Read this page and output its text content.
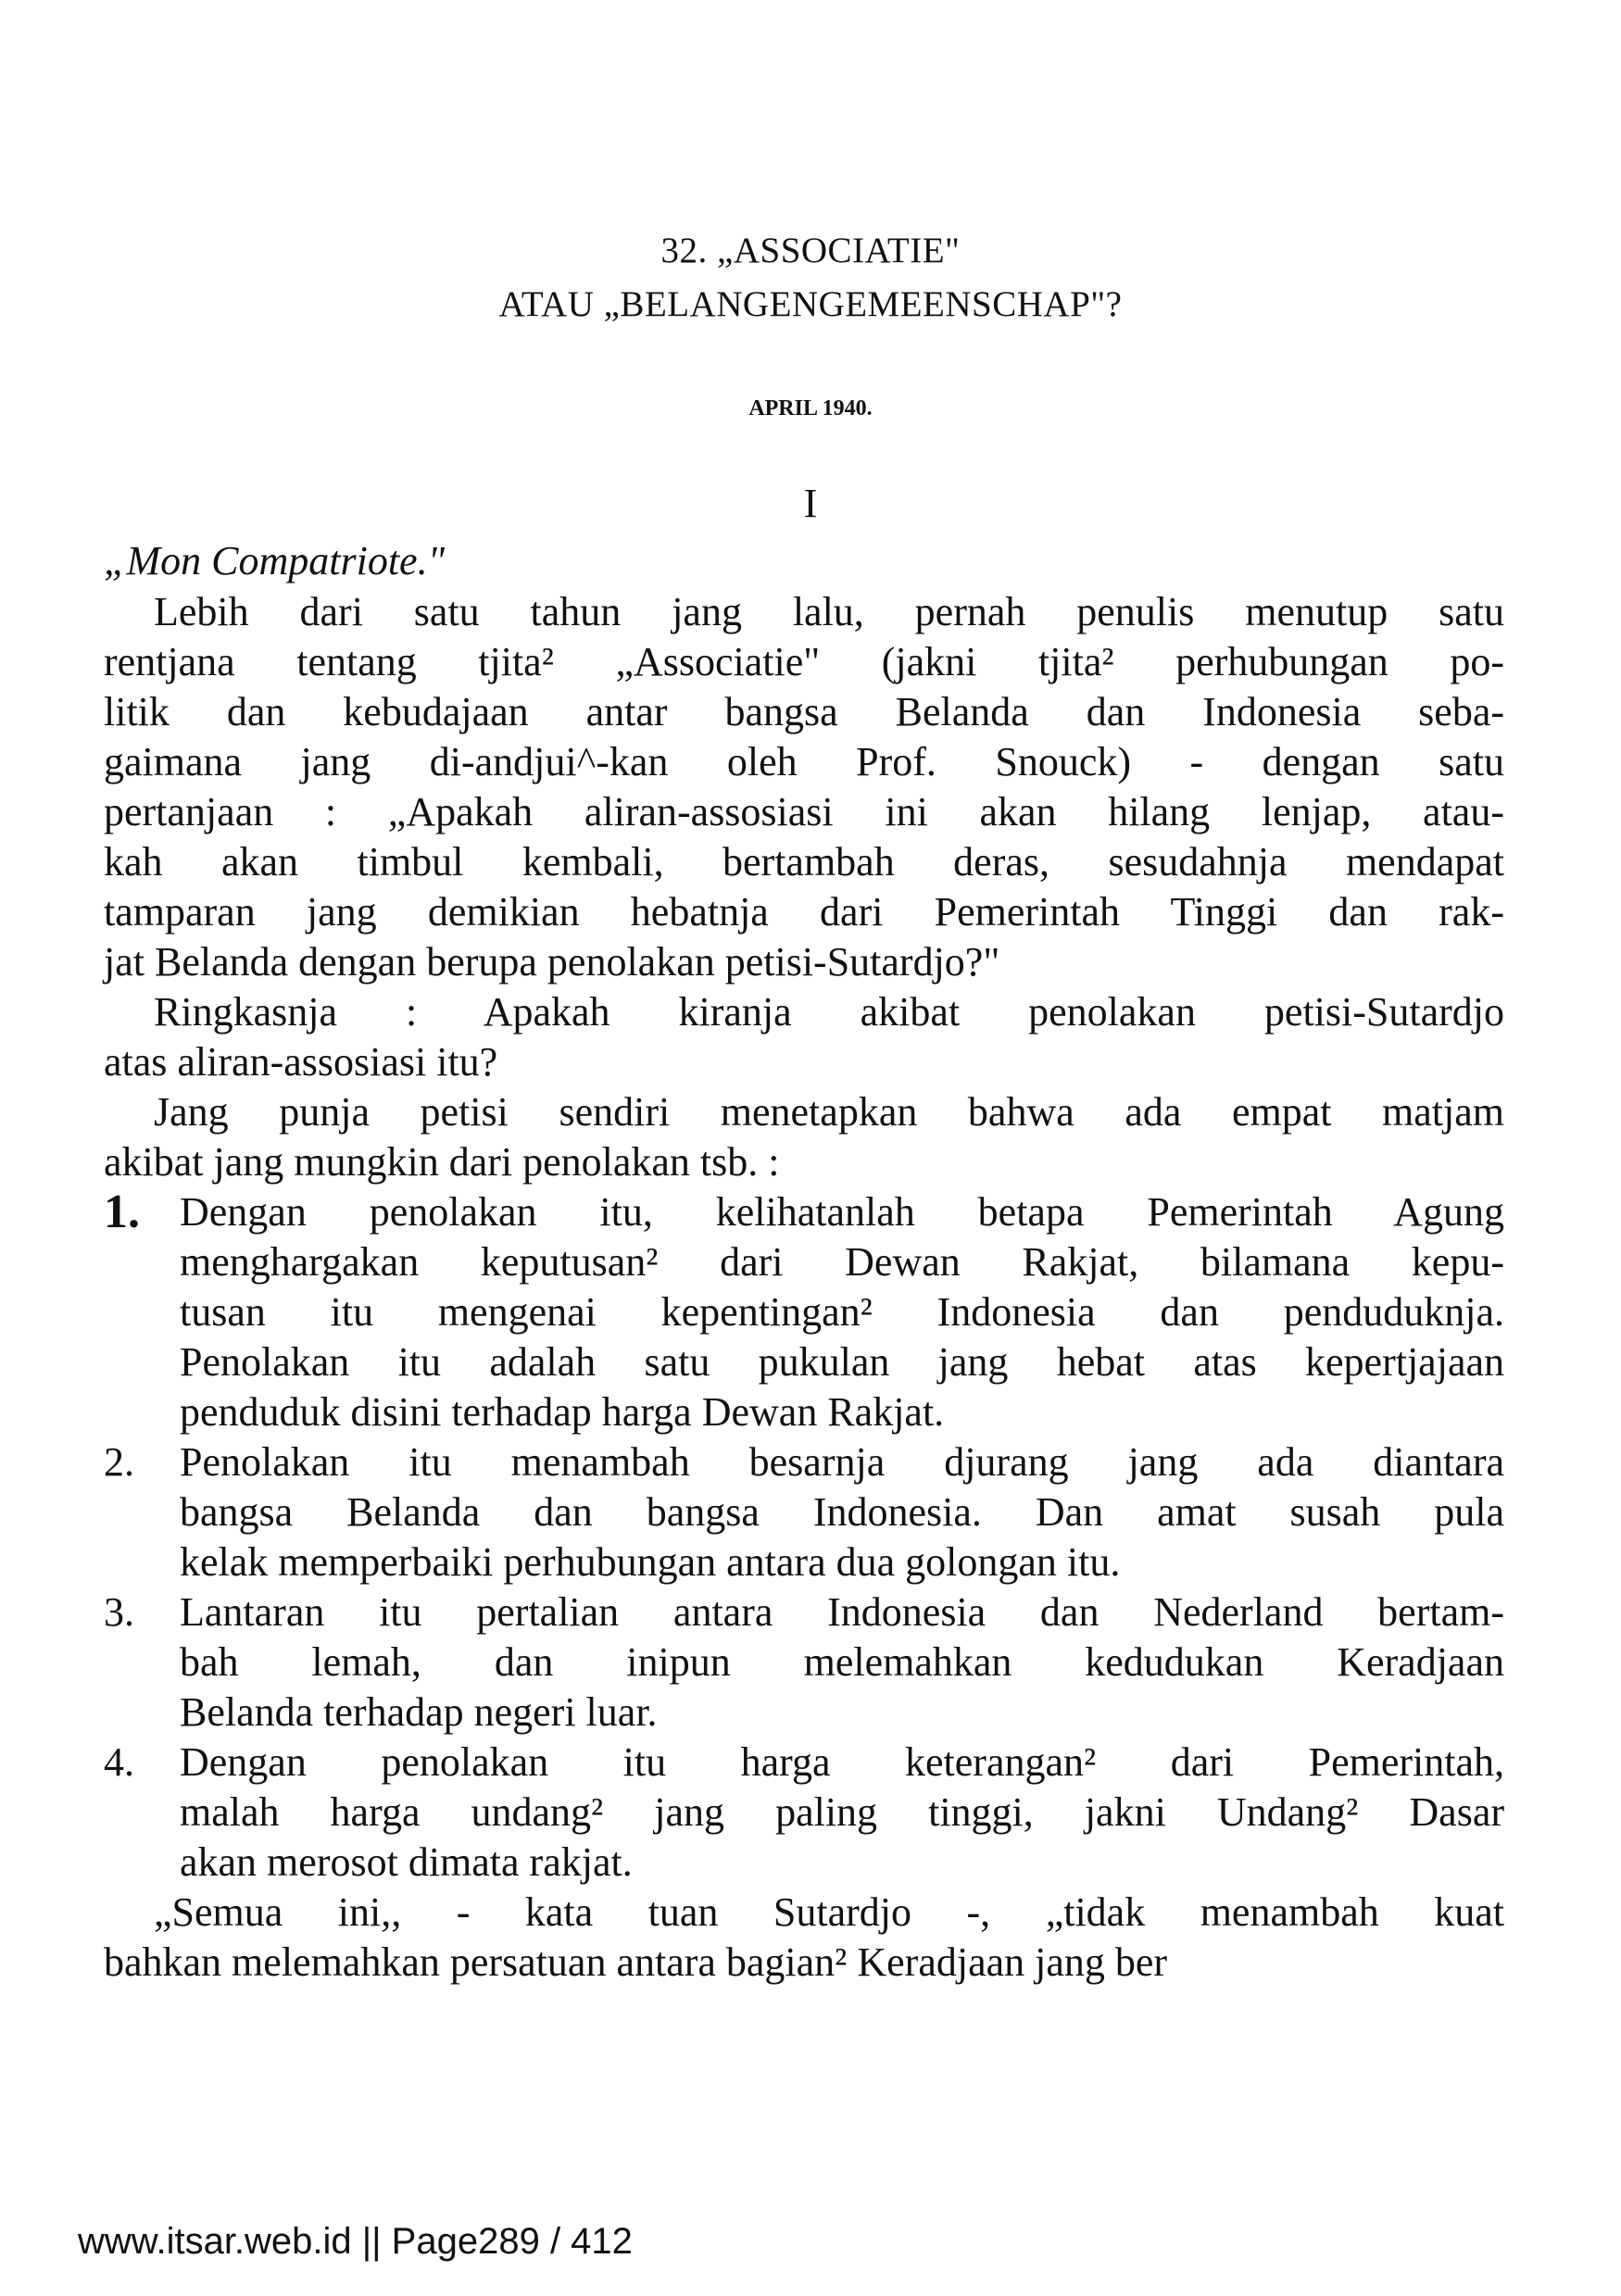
32. „ASSOCIATIE"
ATAU „BELANGENGEMEENSCHAP"?
APRIL 1940.
I
„Mon Compatriote."
Lebih dari satu tahun jang lalu, pernah penulis menutup satu
rentjana tentang tjita² „Associatie" (jakni tjita² perhubungan po-
litik dan kebudajaan antar bangsa Belanda dan Indonesia seba-
gaimana jang di-andjui^-kan oleh Prof. Snouck) - dengan satu
pertanjaan : „Apakah aliran-assosiasi ini akan hilang lenjap, atau-
kah akan timbul kembali, bertambah deras, sesudahnja mendapat
tamparan jang demikian hebatnja dari Pemerintah Tinggi dan rak-
jat Belanda dengan berupa penolakan petisi-Sutardjo?"
Ringkasnja : Apakah kiranja akibat penolakan petisi-Sutardjo
atas aliran-assosiasi itu?
Jang punja petisi sendiri menetapkan bahwa ada empat matjam
akibat jang mungkin dari penolakan tsb. :
1. Dengan penolakan itu, kelihatanlah betapa Pemerintah Agung
menghargakan keputusan² dari Dewan Rakjat, bilamana kepu-
tusan itu mengenai kepentingan² Indonesia dan penduduknja.
Penolakan itu adalah satu pukulan jang hebat atas kepertjajaan
penduduk disini terhadap harga Dewan Rakjat.
2.	Penolakan itu menambah besarnja djurang jang ada diantara
bangsa Belanda dan bangsa Indonesia. Dan amat susah pula
kelak memperbaiki perhubungan antara dua golongan itu.
3.	Lantaran itu pertalian antara Indonesia dan Nederland bertam-
bah lemah, dan inipun melemahkan kedudukan Keradjaan
Belanda terhadap negeri luar.
4.	Dengan penolakan itu harga keterangan² dari Pemerintah,
malah harga undang² jang paling tinggi, jakni Undang² Dasar
akan merosot dimata rakjat.
„Semua ini,, - kata tuan Sutardjo -, „tidak menambah kuat
bahkan melemahkan persatuan antara bagian² Keradjaan jang ber
www.itsar.web.id || Page289 / 412
